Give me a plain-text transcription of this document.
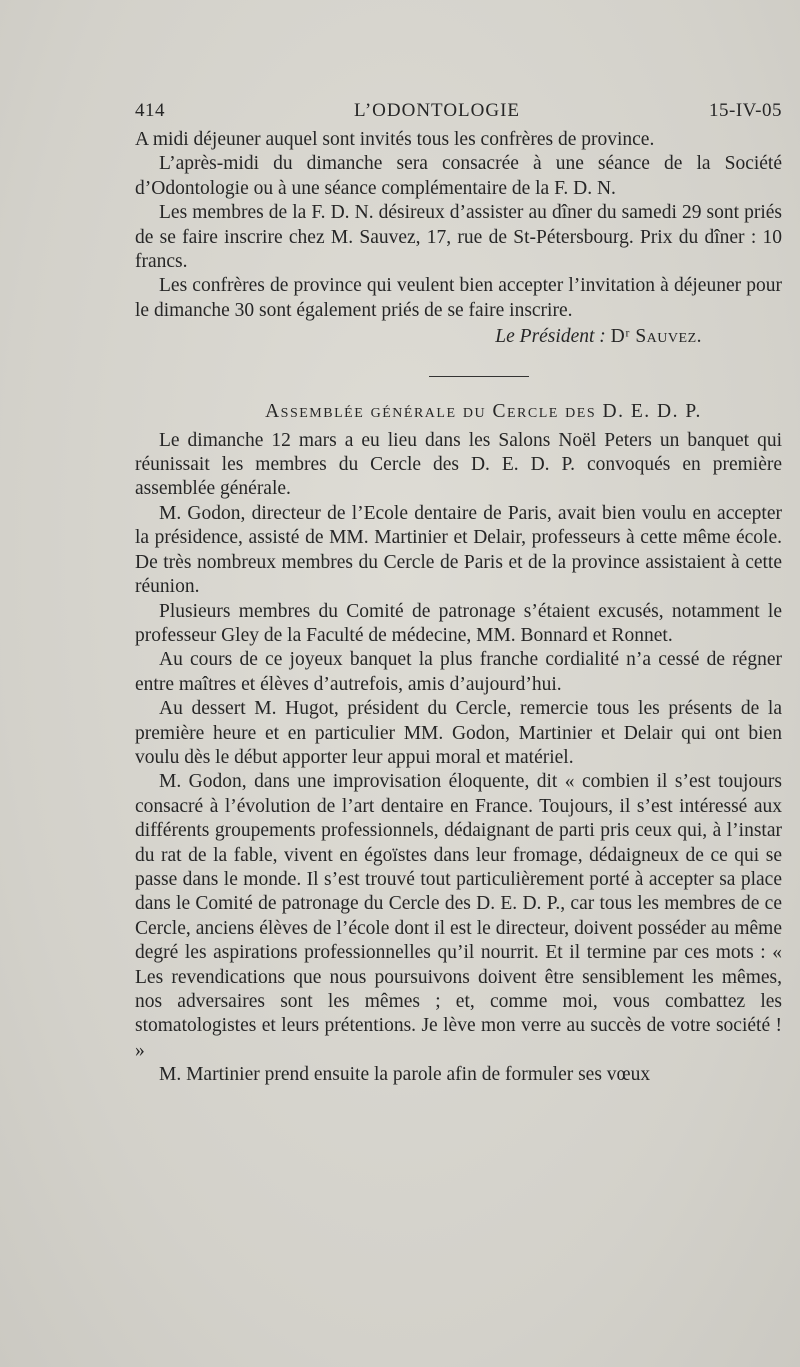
414	L’ODONTOLOGIE	15-IV-05

A midi déjeuner auquel sont invités tous les confrères de province.

L’après-midi du dimanche sera consacrée à une séance de la Société d’Odontologie ou à une séance complémentaire de la F. D. N.

Les membres de la F. D. N. désireux d’assister au dîner du samedi 29 sont priés de se faire inscrire chez M. Sauvez, 17, rue de St-Pétersbourg. Prix du dîner : 10 francs.

Les confrères de province qui veulent bien accepter l’invitation à déjeuner pour le dimanche 30 sont également priés de se faire inscrire.

Le Président : Dʳ Sauvez.
Assemblée générale du Cercle des D. E. D. P.

Le dimanche 12 mars a eu lieu dans les Salons Noël Peters un banquet qui réunissait les membres du Cercle des D. E. D. P. convoqués en première assemblée générale.

M. Godon, directeur de l’Ecole dentaire de Paris, avait bien voulu en accepter la présidence, assisté de MM. Martinier et Delair, professeurs à cette même école. De très nombreux membres du Cercle de Paris et de la province assistaient à cette réunion.

Plusieurs membres du Comité de patronage s’étaient excusés, notamment le professeur Gley de la Faculté de médecine, MM. Bonnard et Ronnet.

Au cours de ce joyeux banquet la plus franche cordialité n’a cessé de régner entre maîtres et élèves d’autrefois, amis d’aujourd’hui.

Au dessert M. Hugot, président du Cercle, remercie tous les présents de la première heure et en particulier MM. Godon, Martinier et Delair qui ont bien voulu dès le début apporter leur appui moral et matériel.

M. Godon, dans une improvisation éloquente, dit « combien il s’est toujours consacré à l’évolution de l’art dentaire en France. Toujours, il s’est intéressé aux différents groupements professionnels, dédaignant de parti pris ceux qui, à l’instar du rat de la fable, vivent en égoïstes dans leur fromage, dédaigneux de ce qui se passe dans le monde. Il s’est trouvé tout particulièrement porté à accepter sa place dans le Comité de patronage du Cercle des D. E. D. P., car tous les membres de ce Cercle, anciens élèves de l’école dont il est le directeur, doivent posséder au même degré les aspirations professionnelles qu’il nourrit. Et il termine par ces mots : « Les revendications que nous poursuivons doivent être sensiblement les mêmes, nos adversaires sont les mêmes ; et, comme moi, vous combattez les stomatologistes et leurs prétentions. Je lève mon verre au succès de votre société ! »

M. Martinier prend ensuite la parole afin de formuler ses vœux
